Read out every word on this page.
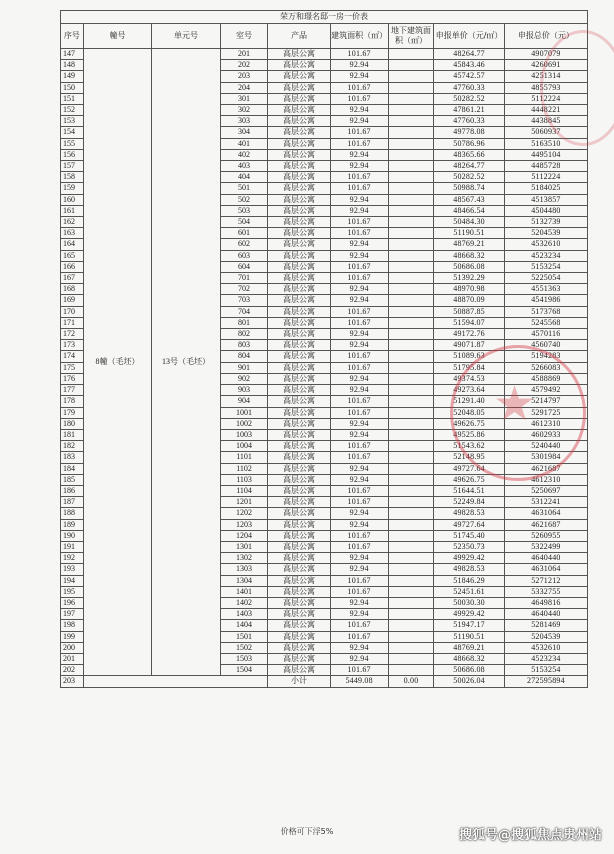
荣万和璟名邸一房一价表								
序号	幢号	单元号	室号	产品	建筑面积（㎡）	地下建筑面积（㎡）	申报单价（元/㎡）	申报总价（元）
147	8幢（毛坯）	13号（毛坯）	201	高层公寓	101.67		48264.77	4907079
148			202	高层公寓	92.94		45843.46	4260691
149			203	高层公寓	92.94		45742.57	4251314
150			204	高层公寓	101.67		47760.33	4855793
151			301	高层公寓	101.67		50282.52	5112224
152			302	高层公寓	92.94		47861.21	4448221
153			303	高层公寓	92.94		47760.33	4438845
154			304	高层公寓	101.67		49778.08	5060937
155			401	高层公寓	101.67		50786.96	5163510
156			402	高层公寓	92.94		48365.66	4495104
157			403	高层公寓	92.94		48264.77	4485728
158			404	高层公寓	101.67		50282.52	5112224
159			501	高层公寓	101.67		50988.74	5184025
160			502	高层公寓	92.94		48567.43	4513857
161			503	高层公寓	92.94		48466.54	4504480
162			504	高层公寓	101.67		50484.30	5132739
163			601	高层公寓	101.67		51190.51	5204539
164			602	高层公寓	92.94		48769.21	4532610
165			603	高层公寓	92.94		48668.32	4523234
166			604	高层公寓	101.67		50686.08	5153254
167			701	高层公寓	101.67		51392.29	5225054
168			702	高层公寓	92.94		48970.98	4551363
169			703	高层公寓	92.94		48870.09	4541986
170			704	高层公寓	101.67		50887.85	5173768
171			801	高层公寓	101.67		51594.07	5245568
172			802	高层公寓	92.94		49172.76	4570116
173			803	高层公寓	92.94		49071.87	4560740
174			804	高层公寓	101.67		51089.63	5194283
175			901	高层公寓	101.67		51795.84	5266083
176			902	高层公寓	92.94		49374.53	4588869
177			903	高层公寓	92.94		49273.64	4579492
178			904	高层公寓	101.67		51291.40	5214797
179			1001	高层公寓	101.67		52048.05	5291725
180			1002	高层公寓	92.94		49626.75	4612310
181			1003	高层公寓	92.94		49525.86	4602933
182			1004	高层公寓	101.67		51543.62	5240440
183			1101	高层公寓	101.67		52148.95	5301984
184			1102	高层公寓	92.94		49727.64	4621687
185			1103	高层公寓	92.94		49626.75	4612310
186			1104	高层公寓	101.67		51644.51	5250697
187			1201	高层公寓	101.67		52249.84	5312241
188			1202	高层公寓	92.94		49828.53	4631064
189			1203	高层公寓	92.94		49727.64	4621687
190			1204	高层公寓	101.67		51745.40	5260955
191			1301	高层公寓	101.67		52350.73	5322499
192			1302	高层公寓	92.94		49929.42	4640440
193			1303	高层公寓	92.94		49828.53	4631064
194			1304	高层公寓	101.67		51846.29	5271212
195			1401	高层公寓	101.67		52451.61	5332755
196			1402	高层公寓	92.94		50030.30	4649816
197			1403	高层公寓	92.94		49929.42	4640440
198			1404	高层公寓	101.67		51947.17	5281469
199			1501	高层公寓	101.67		51190.51	5204539
200			1502	高层公寓	92.94		48769.21	4532610
201			1503	高层公寓	92.94		48668.32	4523234
202			1504	高层公寓	101.67		50686.08	5153254
203				小计	5449.08	0.00	50026.04	272595894
★
价格可下浮5%	搜狐号@搜狐焦点贵州站
